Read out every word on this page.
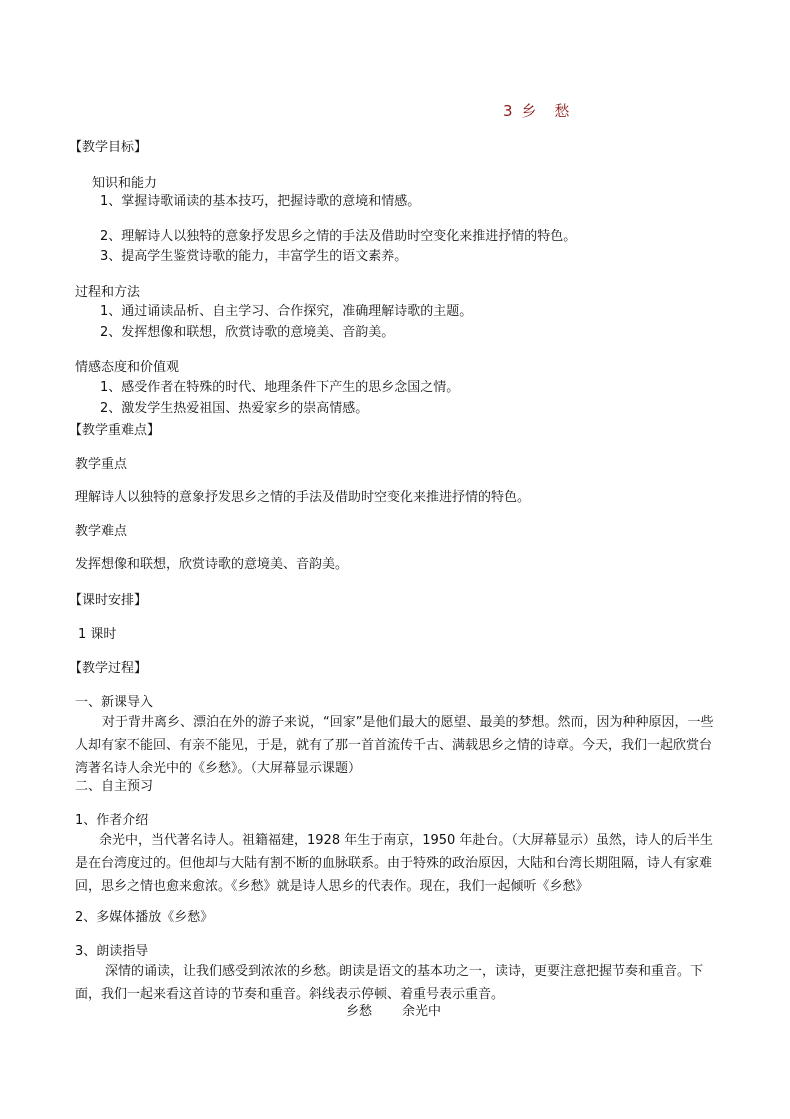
3 乡 愁
【教学目标】
知识和能力
1、掌握诗歌诵读的基本技巧，把握诗歌的意境和情感。
2、理解诗人以独特的意象抒发思乡之情的手法及借助时空变化来推进抒情的特色。
3、提高学生鉴赏诗歌的能力，丰富学生的语文素养。
过程和方法
1、通过诵读品析、自主学习、合作探究，准确理解诗歌的主题。
2、发挥想像和联想，欣赏诗歌的意境美、音韵美。
情感态度和价值观
1、感受作者在特殊的时代、地理条件下产生的思乡念国之情。
2、激发学生热爱祖国、热爱家乡的崇高情感。
【教学重难点】
教学重点
理解诗人以独特的意象抒发思乡之情的手法及借助时空变化来推进抒情的特色。
教学难点
发挥想像和联想，欣赏诗歌的意境美、音韵美。
【课时安排】
1 课时
【教学过程】
一、新课导入
对于背井离乡、漂泊在外的游子来说，“回家”是他们最大的愿望、最美的梦想。然而，因为种种原因，一些人却有家不能回、有亲不能见，于是，就有了那一首首流传千古、满载思乡之情的诗章。今天，我们一起欣赏台湾著名诗人余光中的《乡愁》。（大屏幕显示课题）
二、自主预习
1、作者介绍
余光中，当代著名诗人。祖籍福建，1928 年生于南京，1950 年赴台。（大屏幕显示）虽然，诗人的后半生是在台湾度过的。但他却与大陆有割不断的血脉联系。由于特殊的政治原因，大陆和台湾长期阻隔，诗人有家难回，思乡之情也愈来愈浓。《乡愁》就是诗人思乡的代表作。现在，我们一起倾听《乡愁》
2、多媒体播放《乡愁》
3、朗读指导
深情的诵读，让我们感受到浓浓的乡愁。朗读是语文的基本功之一，读诗，更要注意把握节奏和重音。下面，我们一起来看这首诗的节奏和重音。斜线表示停顿、着重号表示重音。
乡愁 余光中
